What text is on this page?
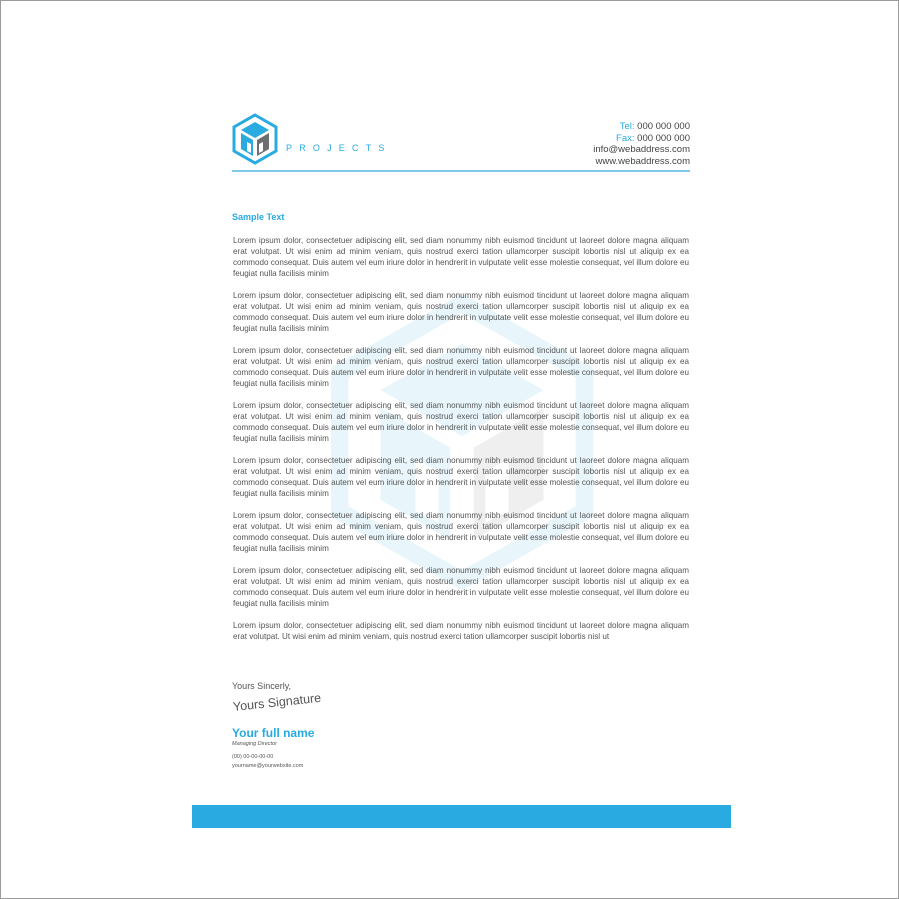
PROJECTS
Tel: 000 000 000
Fax: 000 000 000
info@webaddress.com
www.webaddress.com
Sample Text

Lorem ipsum dolor, consectetuer adipiscing elit, sed diam nonummy nibh euismod tincidunt ut laoreet dolore magna aliquam erat volutpat. Ut wisi enim ad minim veniam, quis nostrud exerci tation ullamcorper suscipit lobortis nisl ut aliquip ex ea commodo consequat. Duis autem vel eum iriure dolor in hendrerit in vulputate velit esse molestie consequat, vel illum dolore eu feugiat nulla facilisis minim

Lorem ipsum dolor, consectetuer adipiscing elit, sed diam nonummy nibh euismod tincidunt ut laoreet dolore magna aliquam erat volutpat. Ut wisi enim ad minim veniam, quis nostrud exerci tation ullamcorper suscipit lobortis nisl ut aliquip ex ea commodo consequat. Duis autem vel eum iriure dolor in hendrerit in vulputate velit esse molestie consequat, vel illum dolore eu feugiat nulla facilisis minim

Lorem ipsum dolor, consectetuer adipiscing elit, sed diam nonummy nibh euismod tincidunt ut laoreet dolore magna aliquam erat volutpat. Ut wisi enim ad minim veniam, quis nostrud exerci tation ullamcorper suscipit lobortis nisl ut aliquip ex ea commodo consequat. Duis autem vel eum iriure dolor in hendrerit in vulputate velit esse molestie consequat, vel illum dolore eu feugiat nulla facilisis minim

Lorem ipsum dolor, consectetuer adipiscing elit, sed diam nonummy nibh euismod tincidunt ut laoreet dolore magna aliquam erat volutpat. Ut wisi enim ad minim veniam, quis nostrud exerci tation ullamcorper suscipit lobortis nisl ut aliquip ex ea commodo consequat. Duis autem vel eum iriure dolor in hendrerit in vulputate velit esse molestie consequat, vel illum dolore eu feugiat nulla facilisis minim

Lorem ipsum dolor, consectetuer adipiscing elit, sed diam nonummy nibh euismod tincidunt ut laoreet dolore magna aliquam erat volutpat. Ut wisi enim ad minim veniam, quis nostrud exerci tation ullamcorper suscipit lobortis nisl ut aliquip ex ea commodo consequat. Duis autem vel eum iriure dolor in hendrerit in vulputate velit esse molestie consequat, vel illum dolore eu feugiat nulla facilisis minim

Lorem ipsum dolor, consectetuer adipiscing elit, sed diam nonummy nibh euismod tincidunt ut laoreet dolore magna aliquam erat volutpat. Ut wisi enim ad minim veniam, quis nostrud exerci tation ullamcorper suscipit lobortis nisl ut aliquip ex ea commodo consequat. Duis autem vel eum iriure dolor in hendrerit in vulputate velit esse molestie consequat, vel illum dolore eu feugiat nulla facilisis minim

Lorem ipsum dolor, consectetuer adipiscing elit, sed diam nonummy nibh euismod tincidunt ut laoreet dolore magna aliquam erat volutpat. Ut wisi enim ad minim veniam, quis nostrud exerci tation ullamcorper suscipit lobortis nisl ut aliquip ex ea commodo consequat. Duis autem vel eum iriure dolor in hendrerit in vulputate velit esse molestie consequat, vel illum dolore eu feugiat nulla facilisis minim

Lorem ipsum dolor, consectetuer adipiscing elit, sed diam nonummy nibh euismod tincidunt ut laoreet dolore magna aliquam erat volutpat. Ut wisi enim ad minim veniam, quis nostrud exerci tation ullamcorper suscipit lobortis nisl ut

Yours Sincerly,
Yours Signature
Your full name
Managing Director
(00) 00-00-00-00
yourname@yourwebsite.com
